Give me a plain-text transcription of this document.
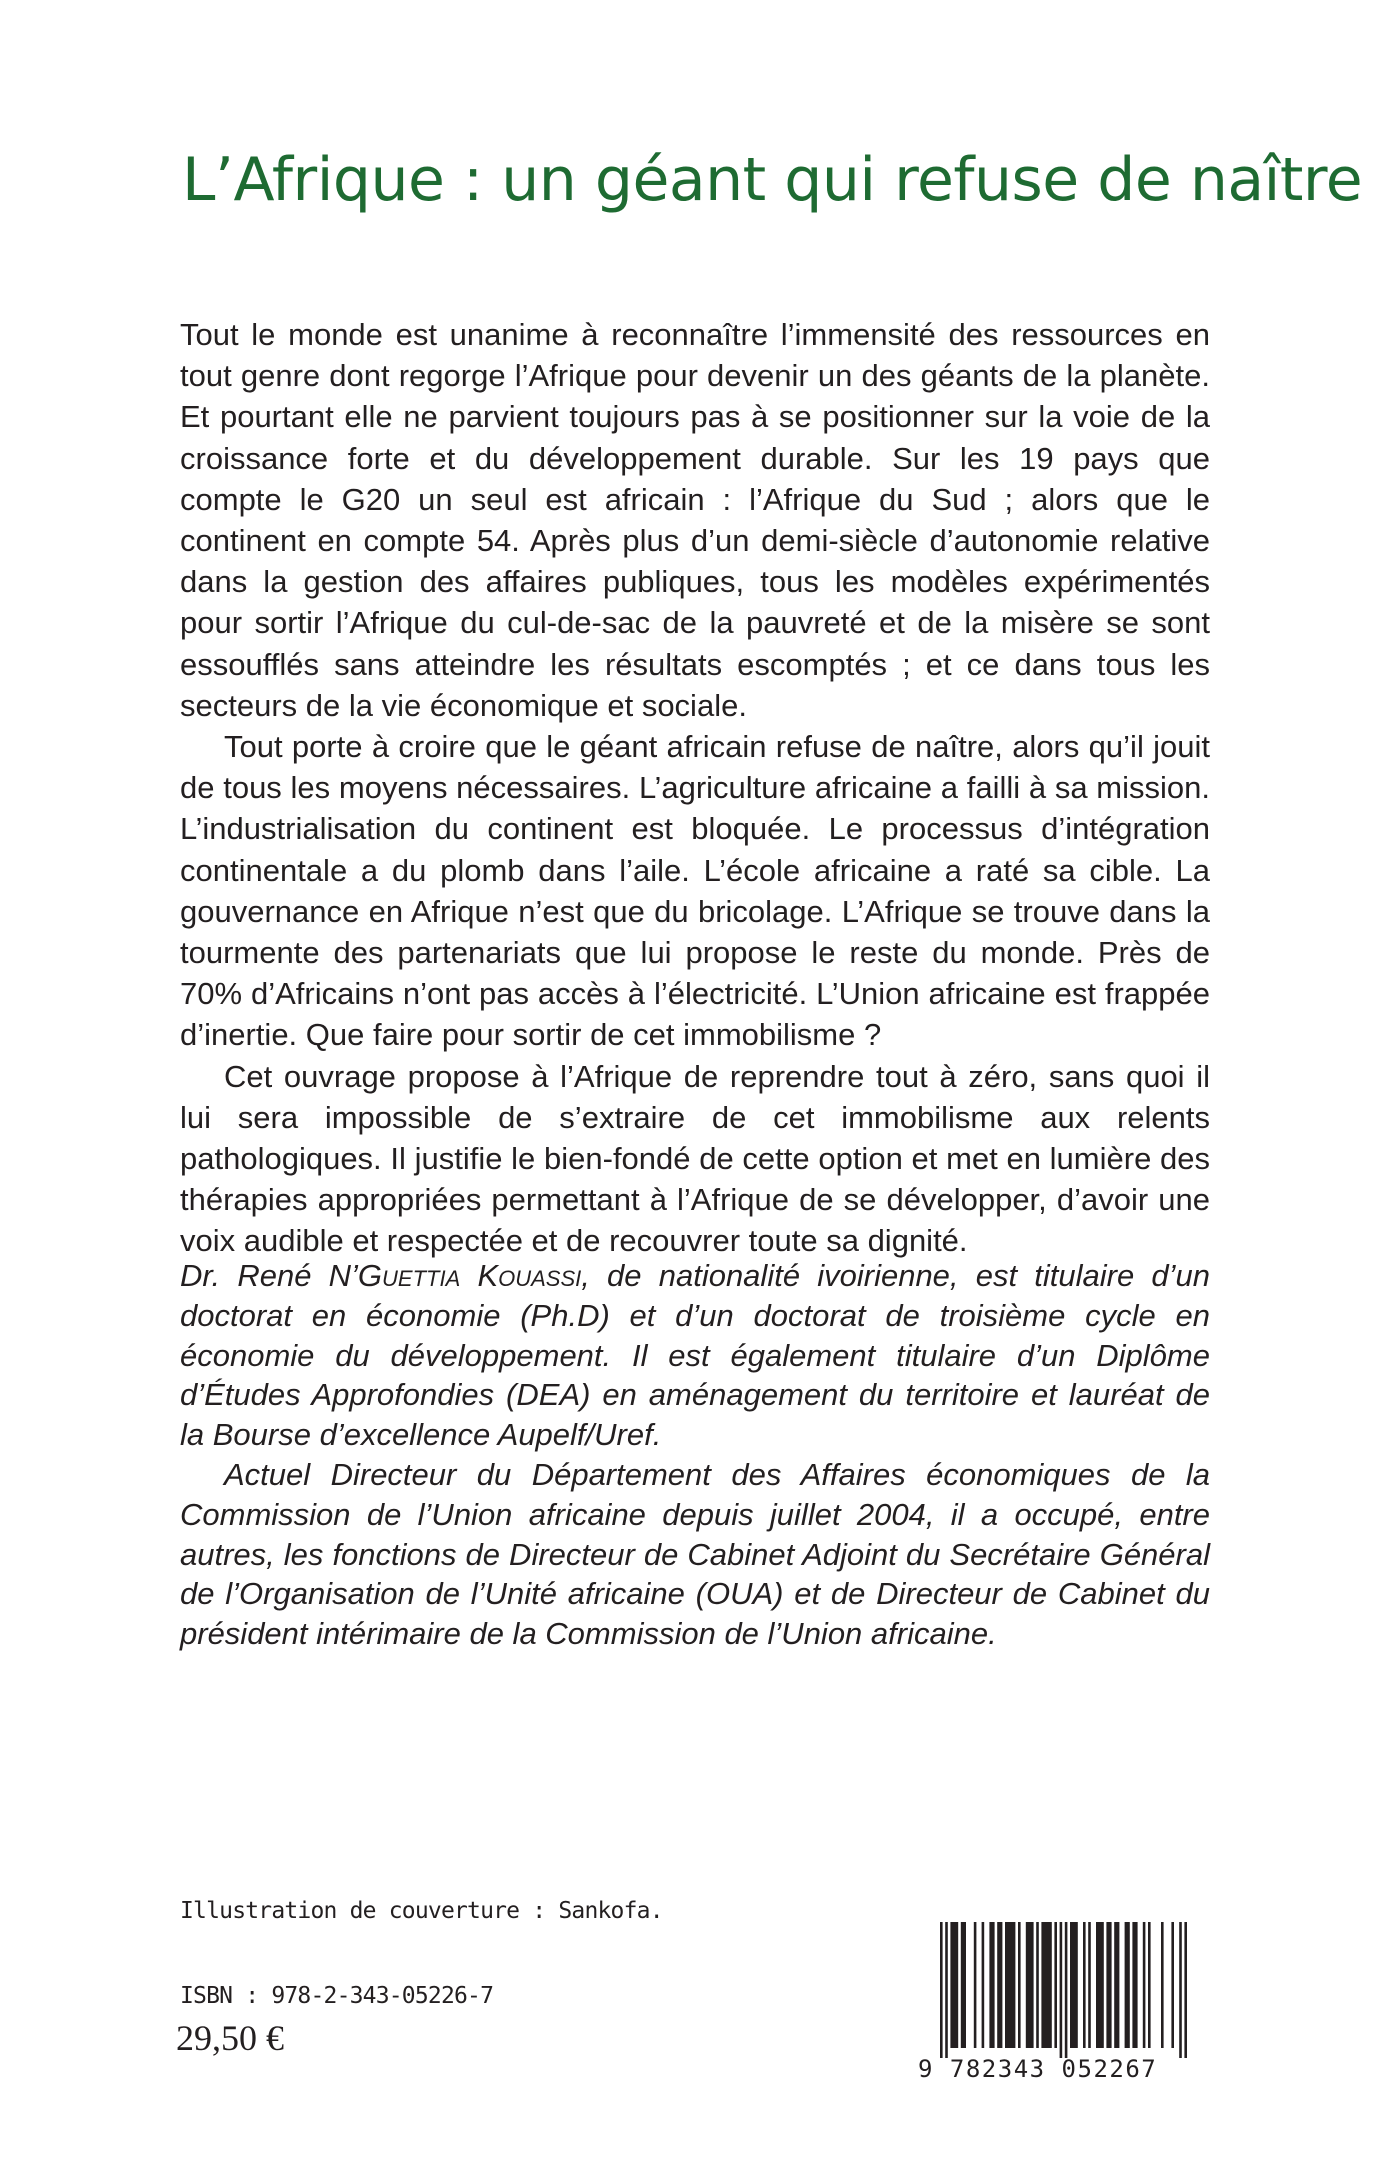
L’Afrique : un géant qui refuse de naître

Tout le monde est unanime à reconnaître l’immensité des ressources en tout genre dont regorge l’Afrique pour devenir un des géants de la planète. Et pourtant elle ne parvient toujours pas à se positionner sur la voie de la croissance forte et du développement durable. Sur les 19 pays que compte le G20 un seul est africain : l’Afrique du Sud ; alors que le continent en compte 54. Après plus d’un demi-siècle d’autonomie relative dans la gestion des affaires publiques, tous les modèles expérimentés pour sortir l’Afrique du cul-de-sac de la pauvreté et de la misère se sont essoufflés sans atteindre les résultats escomptés ; et ce dans tous les secteurs de la vie économique et sociale.

Tout porte à croire que le géant africain refuse de naître, alors qu’il jouit de tous les moyens nécessaires. L’agriculture africaine a failli à sa mission. L’industrialisation du continent est bloquée. Le processus d’intégration continentale a du plomb dans l’aile. L’école africaine a raté sa cible. La gouvernance en Afrique n’est que du bricolage. L’Afrique se trouve dans la tourmente des partenariats que lui propose le reste du monde. Près de 70% d’Africains n’ont pas accès à l’électricité. L’Union africaine est frappée d’inertie. Que faire pour sortir de cet immobilisme ?

Cet ouvrage propose à l’Afrique de reprendre tout à zéro, sans quoi il lui sera impossible de s’extraire de cet immobilisme aux relents pathologiques. Il justifie le bien-fondé de cette option et met en lumière des thérapies appropriées permettant à l’Afrique de se développer, d’avoir une voix audible et respectée et de recouvrer toute sa dignité.

Dr. René N’Guettia Kouassi, de nationalité ivoirienne, est titulaire d’un doctorat en économie (Ph.D) et d’un doctorat de troisième cycle en économie du développement. Il est également titulaire d’un Diplôme d’Études Approfondies (DEA) en aménagement du territoire et lauréat de la Bourse d’excellence Aupelf/Uref.

Actuel Directeur du Département des Affaires économiques de la Commission de l’Union africaine depuis juillet 2004, il a occupé, entre autres, les fonctions de Directeur de Cabinet Adjoint du Secrétaire Général de l’Organisation de l’Unité africaine (OUA) et de Directeur de Cabinet du président intérimaire de la Commission de l’Union africaine.

Illustration de couverture : Sankofa.
ISBN : 978-2-343-05226-7
29,50 €
9 782343 052267
